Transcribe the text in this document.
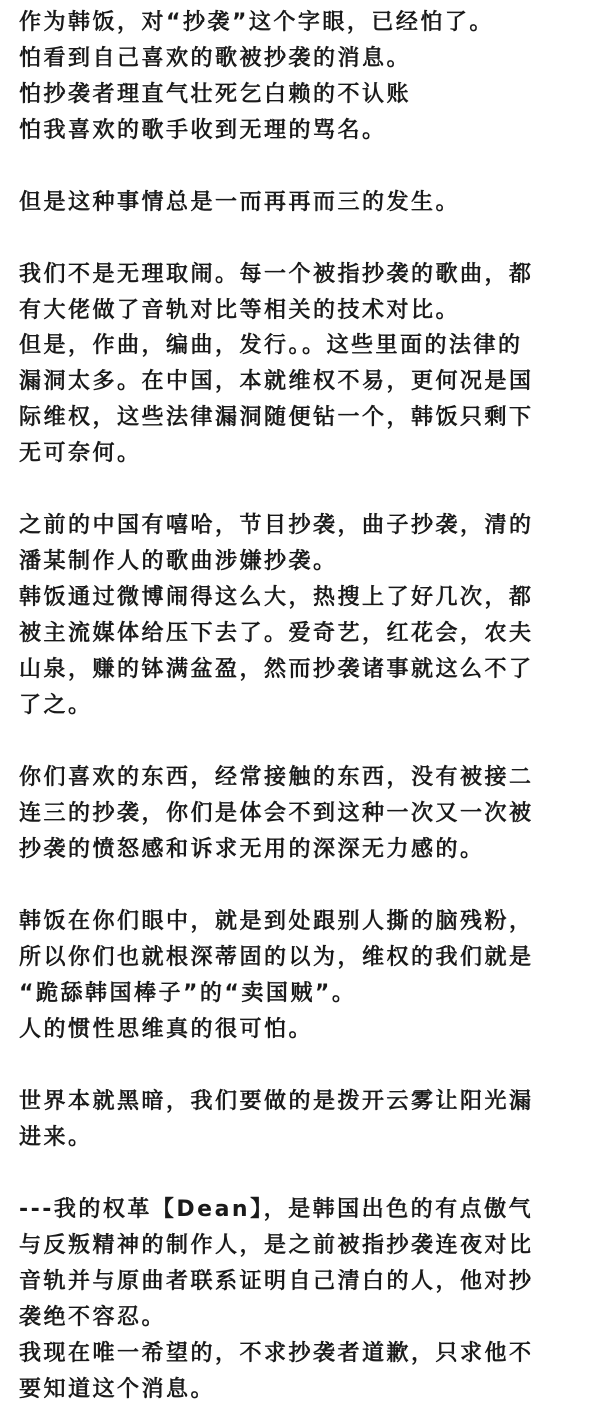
作为韩饭，对“抄袭”这个字眼，已经怕了。
怕看到自己喜欢的歌被抄袭的消息。
怕抄袭者理直气壮死乞白赖的不认账
怕我喜欢的歌手收到无理的骂名。
但是这种事情总是一而再再而三的发生。
我们不是无理取闹。每一个被指抄袭的歌曲，都
有大佬做了音轨对比等相关的技术对比。
但是，作曲，编曲，发行。。这些里面的法律的
漏洞太多。在中国，本就维权不易，更何况是国
际维权，这些法律漏洞随便钻一个，韩饭只剩下
无可奈何。
之前的中国有嘻哈，节目抄袭，曲子抄袭，清的
潘某制作人的歌曲涉嫌抄袭。
韩饭通过微博闹得这么大，热搜上了好几次，都
被主流媒体给压下去了。爱奇艺，红花会，农夫
山泉，赚的钵满盆盈，然而抄袭诸事就这么不了
了之。
你们喜欢的东西，经常接触的东西，没有被接二
连三的抄袭，你们是体会不到这种一次又一次被
抄袭的愤怒感和诉求无用的深深无力感的。
韩饭在你们眼中，就是到处跟别人撕的脑残粉，
所以你们也就根深蒂固的以为，维权的我们就是
“跪舔韩国棒子”的“卖国贼”。
人的惯性思维真的很可怕。
世界本就黑暗，我们要做的是拨开云雾让阳光漏
进来。
---我的权革【Dean】，是韩国出色的有点傲气
与反叛精神的制作人，是之前被指抄袭连夜对比
音轨并与原曲者联系证明自己清白的人，他对抄
袭绝不容忍。
我现在唯一希望的，不求抄袭者道歉，只求他不
要知道这个消息。
